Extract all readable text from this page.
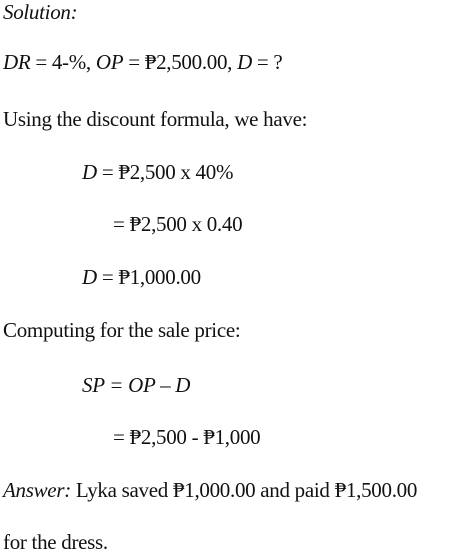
Solution:
DR = 4-%, OP = ₱2,500.00, D = ?
Using the discount formula, we have:
D = ₱2,500 x 40%
= ₱2,500 x 0.40
D = ₱1,000.00
Computing for the sale price:
SP = OP – D
= ₱2,500 - ₱1,000
Answer: Lyka saved ₱1,000.00 and paid ₱1,500.00
for the dress.
